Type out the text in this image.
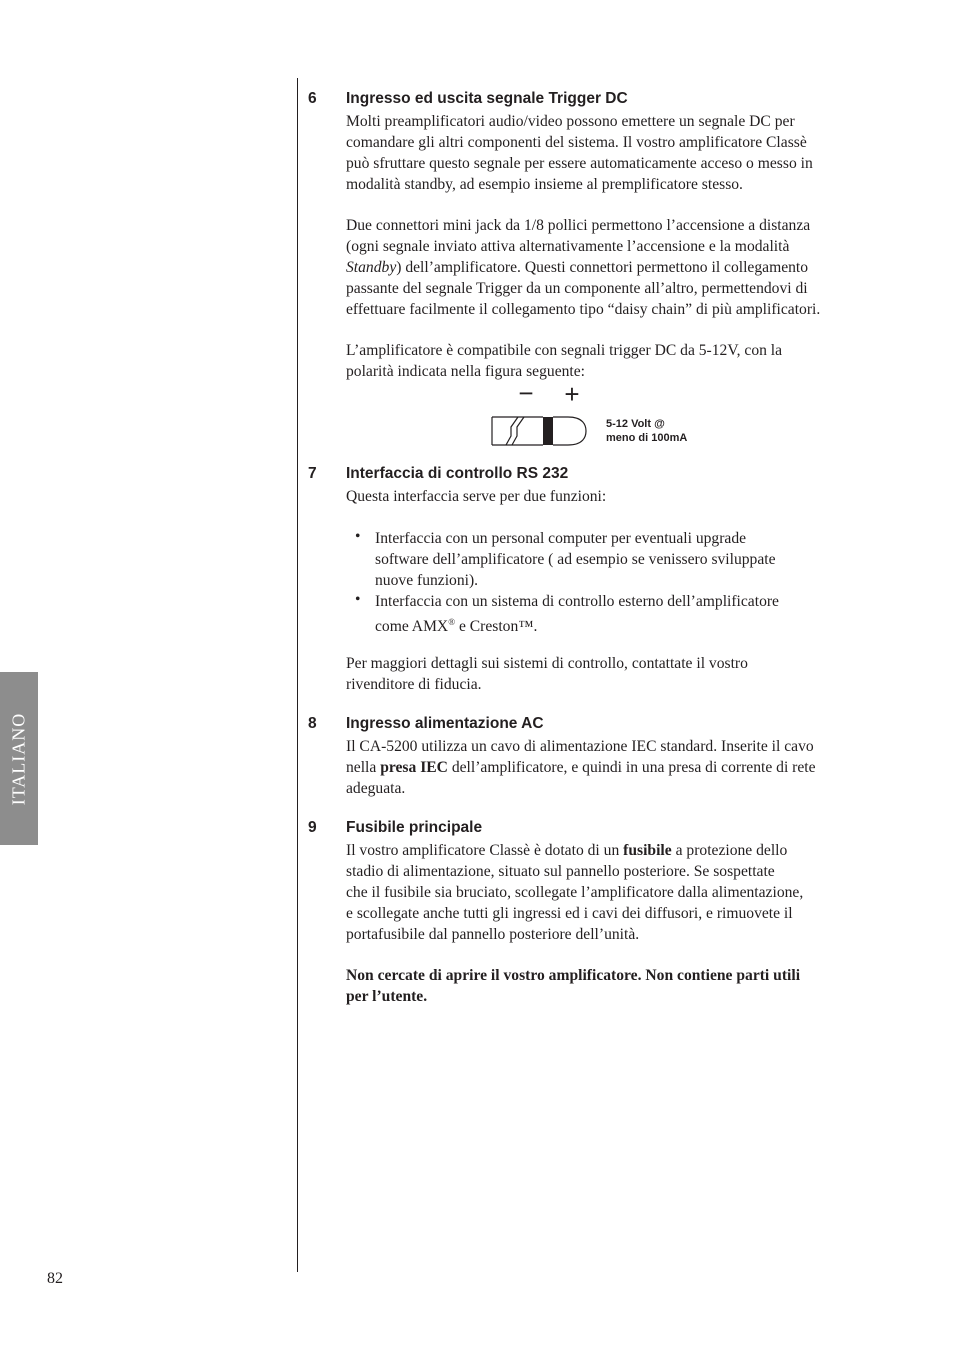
ITALIANO
6 Ingresso ed uscita segnale Trigger DC
Molti preamplificatori audio/video possono emettere un segnale DC per
comandare gli altri componenti del sistema. Il vostro amplificatore Classè
può sfruttare questo segnale per essere automaticamente acceso o messo in
modalità standby, ad esempio insieme al premplificatore stesso.
Due connettori mini jack da 1/8 pollici permettono l’accensione a distanza
(ogni segnale inviato attiva alternativamente l’accensione e la modalità
Standby) dell’amplificatore. Questi connettori permettono il collegamento
passante del segnale Trigger da un componente all’altro, permettendovi di
effettuare facilmente il collegamento tipo “daisy chain” di più amplificatori.
L’amplificatore è compatibile con segnali trigger DC da 5-12V, con la
polarità indicata nella figura seguente:
− +
5-12 Volt @
meno di 100mA
7 Interfaccia di controllo RS 232
Questa interfaccia serve per due funzioni:
• Interfaccia con un personal computer per eventuali upgrade
software dell’amplificatore ( ad esempio se venissero sviluppate
nuove funzioni).
• Interfaccia con un sistema di controllo esterno dell’amplificatore
come AMX® e Creston™.
Per maggiori dettagli sui sistemi di controllo, contattate il vostro
rivenditore di fiducia.
8 Ingresso alimentazione AC
Il CA-5200 utilizza un cavo di alimentazione IEC standard. Inserite il cavo
nella presa IEC dell’amplificatore, e quindi in una presa di corrente di rete
adeguata.
9 Fusibile principale
Il vostro amplificatore Classè è dotato di un fusibile a protezione dello
stadio di alimentazione, situato sul pannello posteriore. Se sospettate
che il fusibile sia bruciato, scollegate l’amplificatore dalla alimentazione,
e scollegate anche tutti gli ingressi ed i cavi dei diffusori, e rimuovete il
portafusibile dal pannello posteriore dell’unità.
Non cercate di aprire il vostro amplificatore. Non contiene parti utili
per l’utente.
82
